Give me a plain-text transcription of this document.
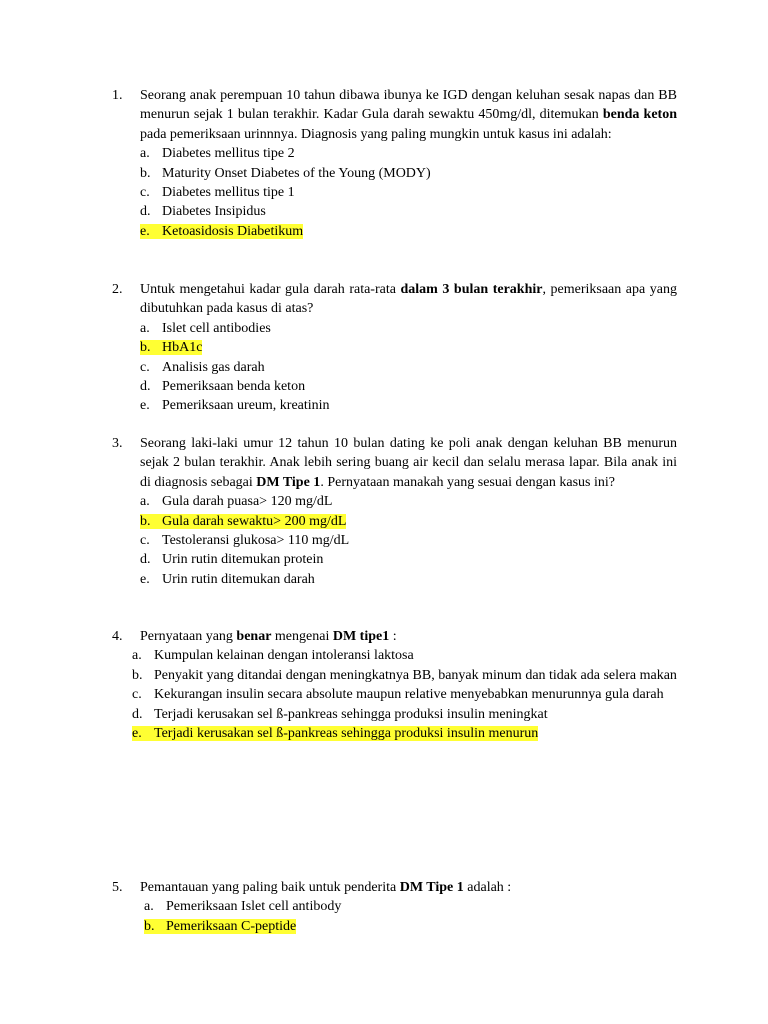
1.	Seorang anak perempuan 10 tahun dibawa ibunya ke IGD dengan keluhan sesak napas dan BB menurun sejak 1 bulan terakhir. Kadar Gula darah sewaktu 450mg/dl, ditemukan benda keton pada pemeriksaan urinnnya. Diagnosis yang paling mungkin untuk kasus ini adalah:
a. Diabetes mellitus tipe 2
b. Maturity Onset Diabetes of the Young (MODY)
c. Diabetes mellitus tipe 1
d. Diabetes Insipidus
e. Ketoasidosis Diabetikum
2.	Untuk mengetahui kadar gula darah rata-rata dalam 3 bulan terakhir, pemeriksaan apa yang dibutuhkan pada kasus di atas?
a. Islet cell antibodies
b. HbA1c
c. Analisis gas darah
d. Pemeriksaan benda keton
e. Pemeriksaan ureum, kreatinin
3.	Seorang laki-laki umur 12 tahun 10 bulan dating ke poli anak dengan keluhan BB menurun sejak 2 bulan terakhir. Anak lebih sering buang air kecil dan selalu merasa lapar. Bila anak ini di diagnosis sebagai DM Tipe 1. Pernyataan manakah yang sesuai dengan kasus ini?
a. Gula darah puasa> 120 mg/dL
b. Gula darah sewaktu> 200 mg/dL
c. Testoleransi glukosa> 110 mg/dL
d. Urin rutin ditemukan protein
e. Urin rutin ditemukan darah
4.	Pernyataan yang benar mengenai DM tipe1 :
a. Kumpulan kelainan dengan intoleransi laktosa
b. Penyakit yang ditandai dengan meningkatnya BB, banyak minum dan tidak ada selera makan
c. Kekurangan insulin secara absolute maupun relative menyebabkan menurunnya gula darah
d. Terjadi kerusakan sel ß-pankreas sehingga produksi insulin meningkat
e. Terjadi kerusakan sel ß-pankreas sehingga produksi insulin menurun
5.	Pemantauan yang paling baik untuk penderita DM Tipe 1 adalah :
a. Pemeriksaan Islet cell antibody
b. Pemeriksaan C-peptide
